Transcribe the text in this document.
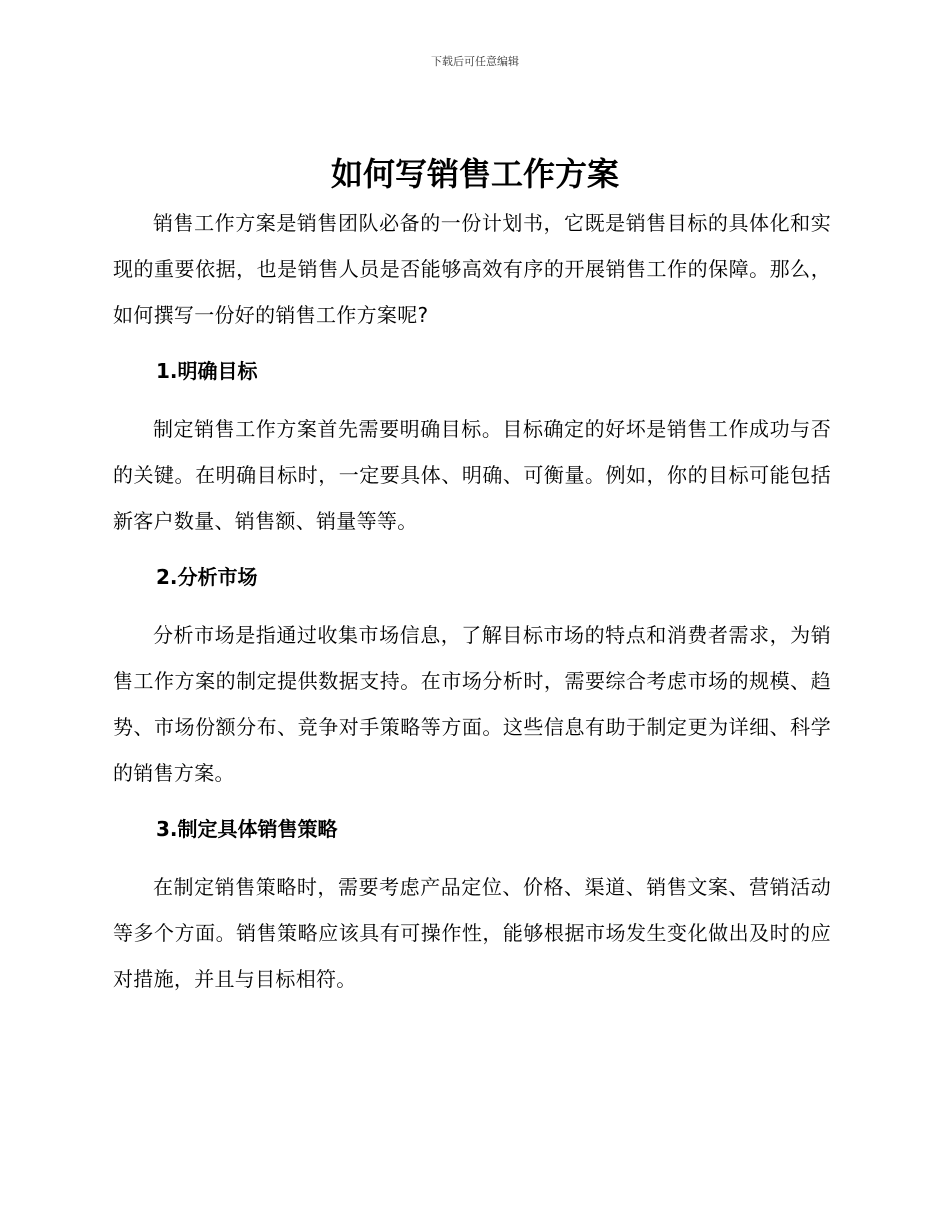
下载后可任意编辑
如何写销售工作方案

销售工作方案是销售团队必备的一份计划书，它既是销售目标的具体化和实现的重要依据，也是销售人员是否能够高效有序的开展销售工作的保障。那么，如何撰写一份好的销售工作方案呢?

1.明确目标

制定销售工作方案首先需要明确目标。目标确定的好坏是销售工作成功与否的关键。在明确目标时，一定要具体、明确、可衡量。例如，你的目标可能包括新客户数量、销售额、销量等等。

2.分析市场

分析市场是指通过收集市场信息，了解目标市场的特点和消费者需求，为销售工作方案的制定提供数据支持。在市场分析时，需要综合考虑市场的规模、趋势、市场份额分布、竞争对手策略等方面。这些信息有助于制定更为详细、科学的销售方案。

3.制定具体销售策略

在制定销售策略时，需要考虑产品定位、价格、渠道、销售文案、营销活动等多个方面。销售策略应该具有可操作性，能够根据市场发生变化做出及时的应对措施，并且与目标相符。
